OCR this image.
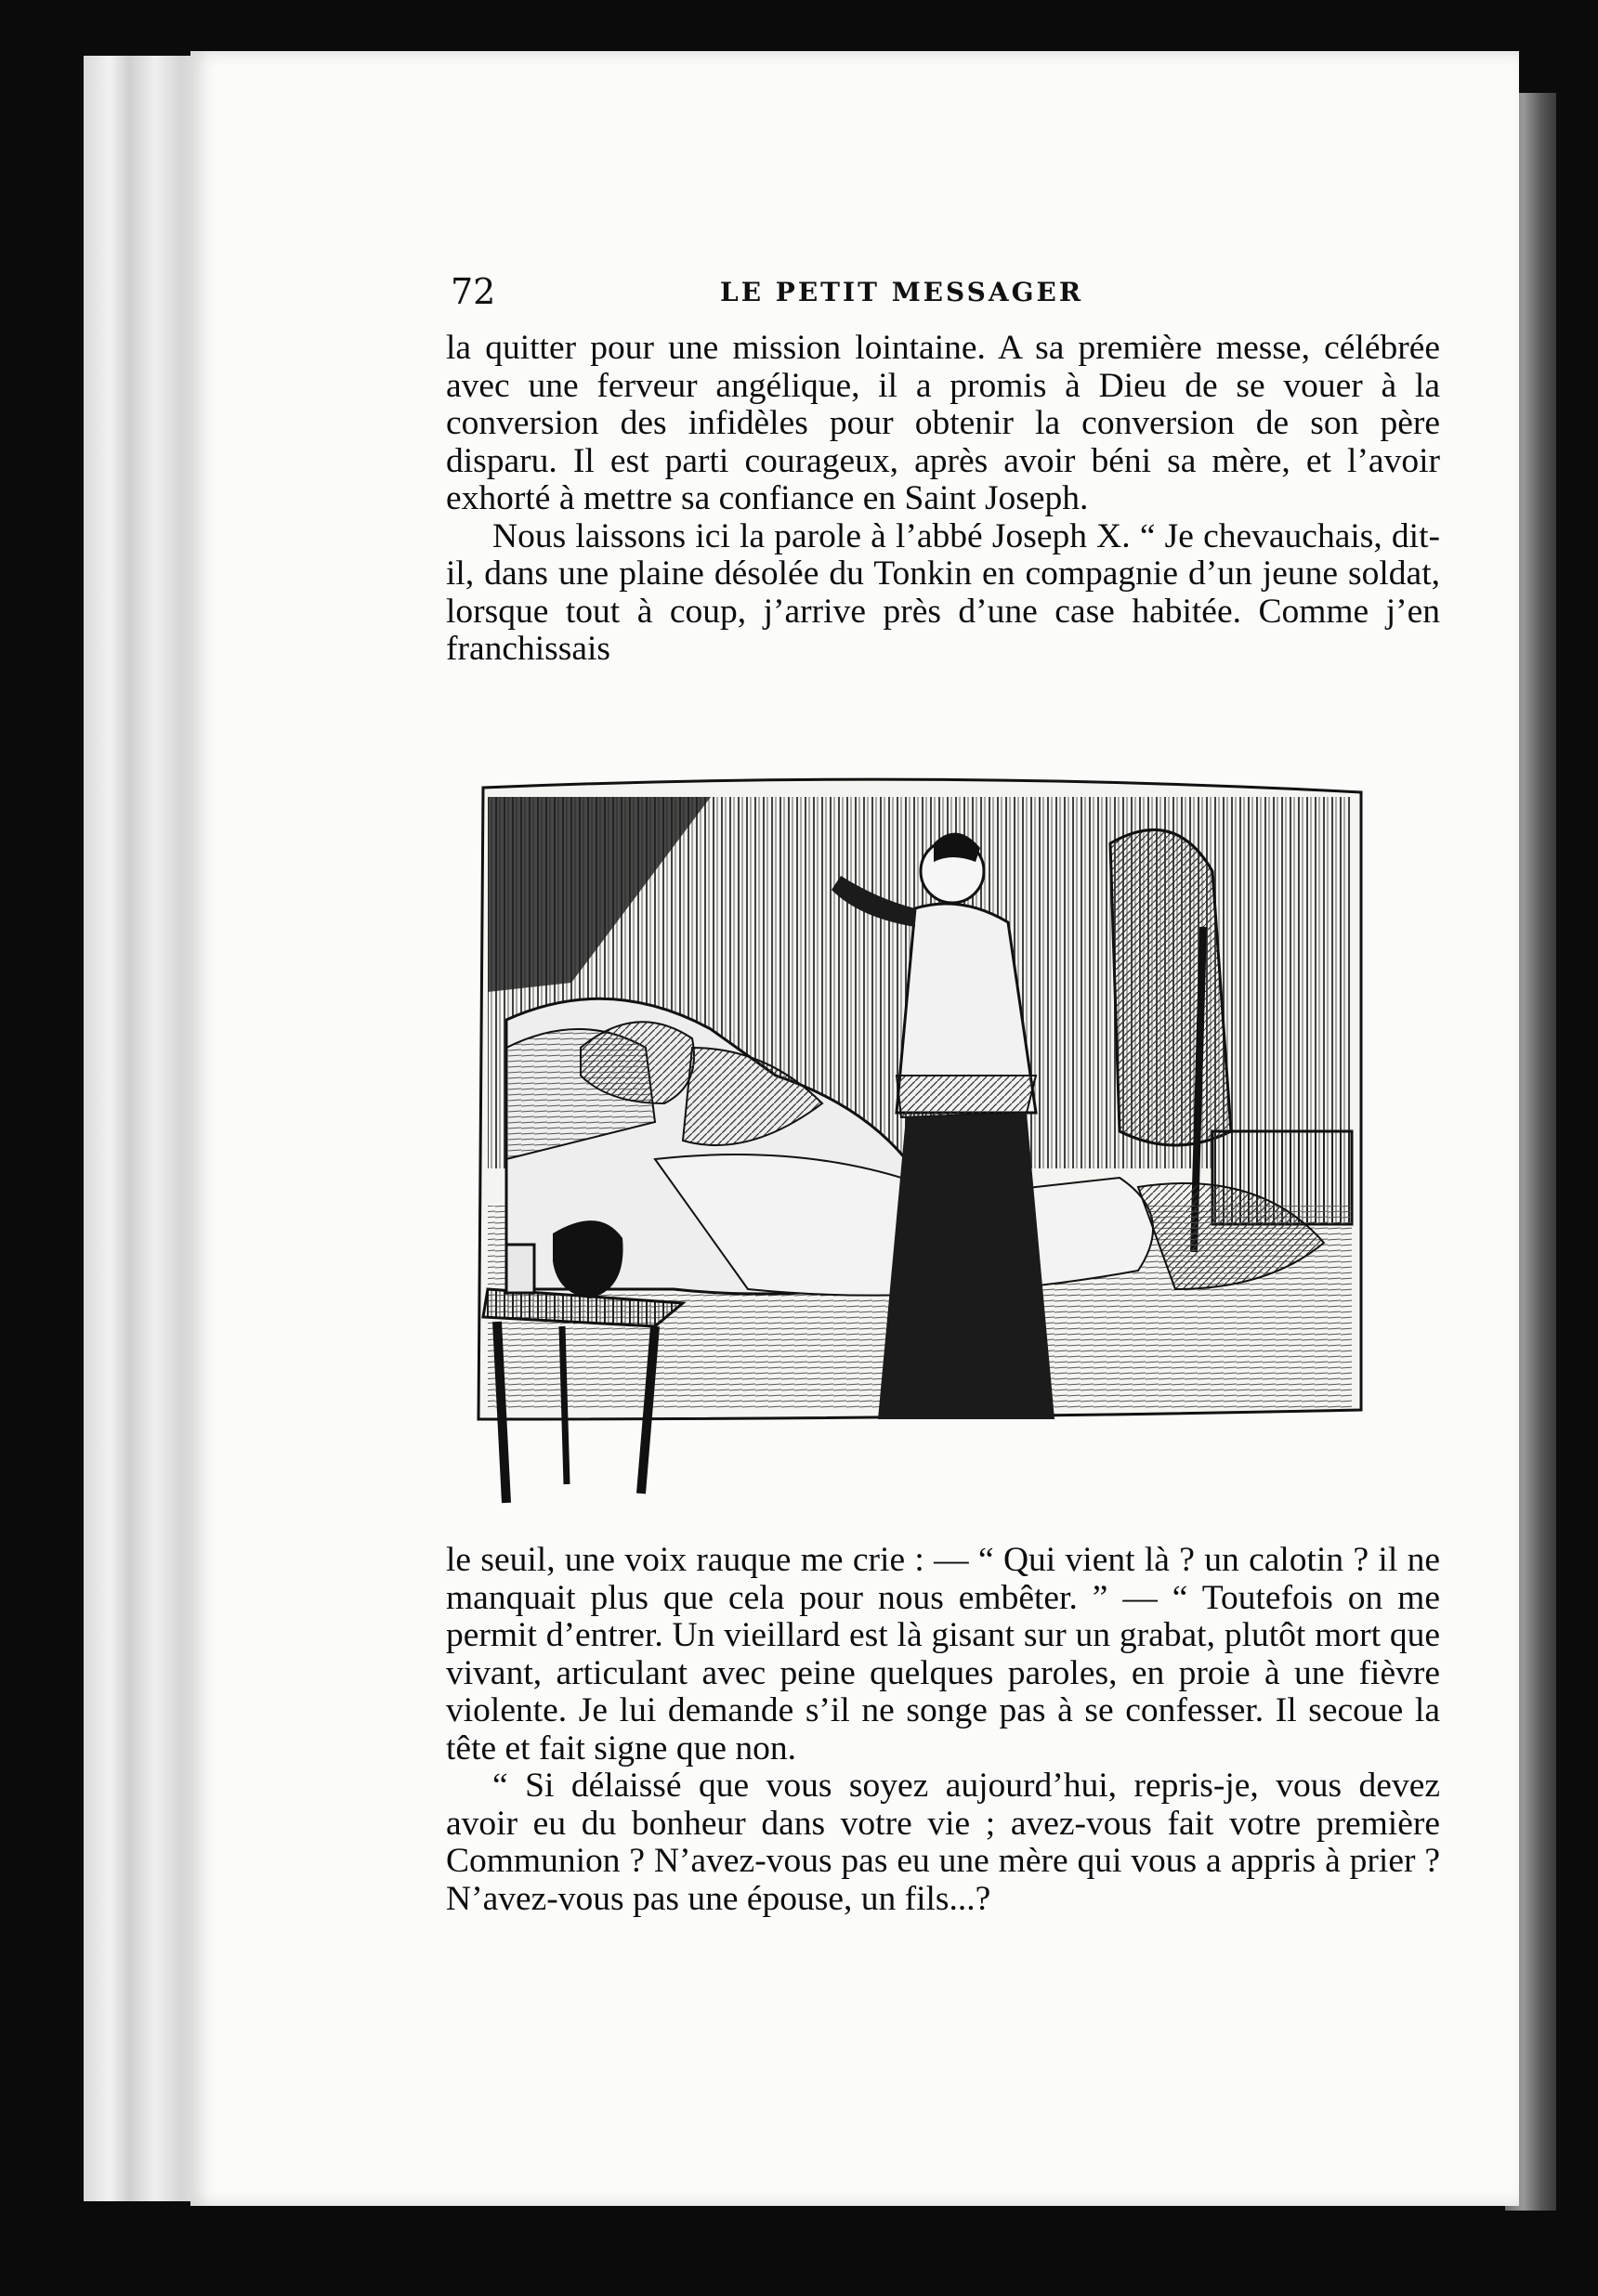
72	LE PETIT MESSAGER

la quitter pour une mission lointaine. A sa première messe, célébrée avec une ferveur angélique, il a promis à Dieu de se vouer à la conversion des infidèles pour obtenir la conversion de son père disparu. Il est parti courageux, après avoir béni sa mère, et l’avoir exhorté à mettre sa confiance en Saint Joseph.

Nous laissons ici la parole à l’abbé Joseph X. “ Je chevauchais, dit-il, dans une plaine désolée du Tonkin en compagnie d’un jeune soldat, lorsque tout à coup, j’arrive près d’une case habitée. Comme j’en franchissais

le seuil, une voix rauque me crie : — “ Qui vient là ? un calotin ? il ne manquait plus que cela pour nous embêter. ” — “ Toutefois on me permit d’entrer. Un vieillard est là gisant sur un grabat, plutôt mort que vivant, articulant avec peine quelques paroles, en proie à une fièvre violente. Je lui demande s’il ne songe pas à se confesser. Il secoue la tête et fait signe que non.

“ Si délaissé que vous soyez aujourd’hui, repris-je, vous devez avoir eu du bonheur dans votre vie ; avez-vous fait votre première Communion ? N’avez-vous pas eu une mère qui vous a appris à prier ? N’avez-vous pas une épouse, un fils...?
